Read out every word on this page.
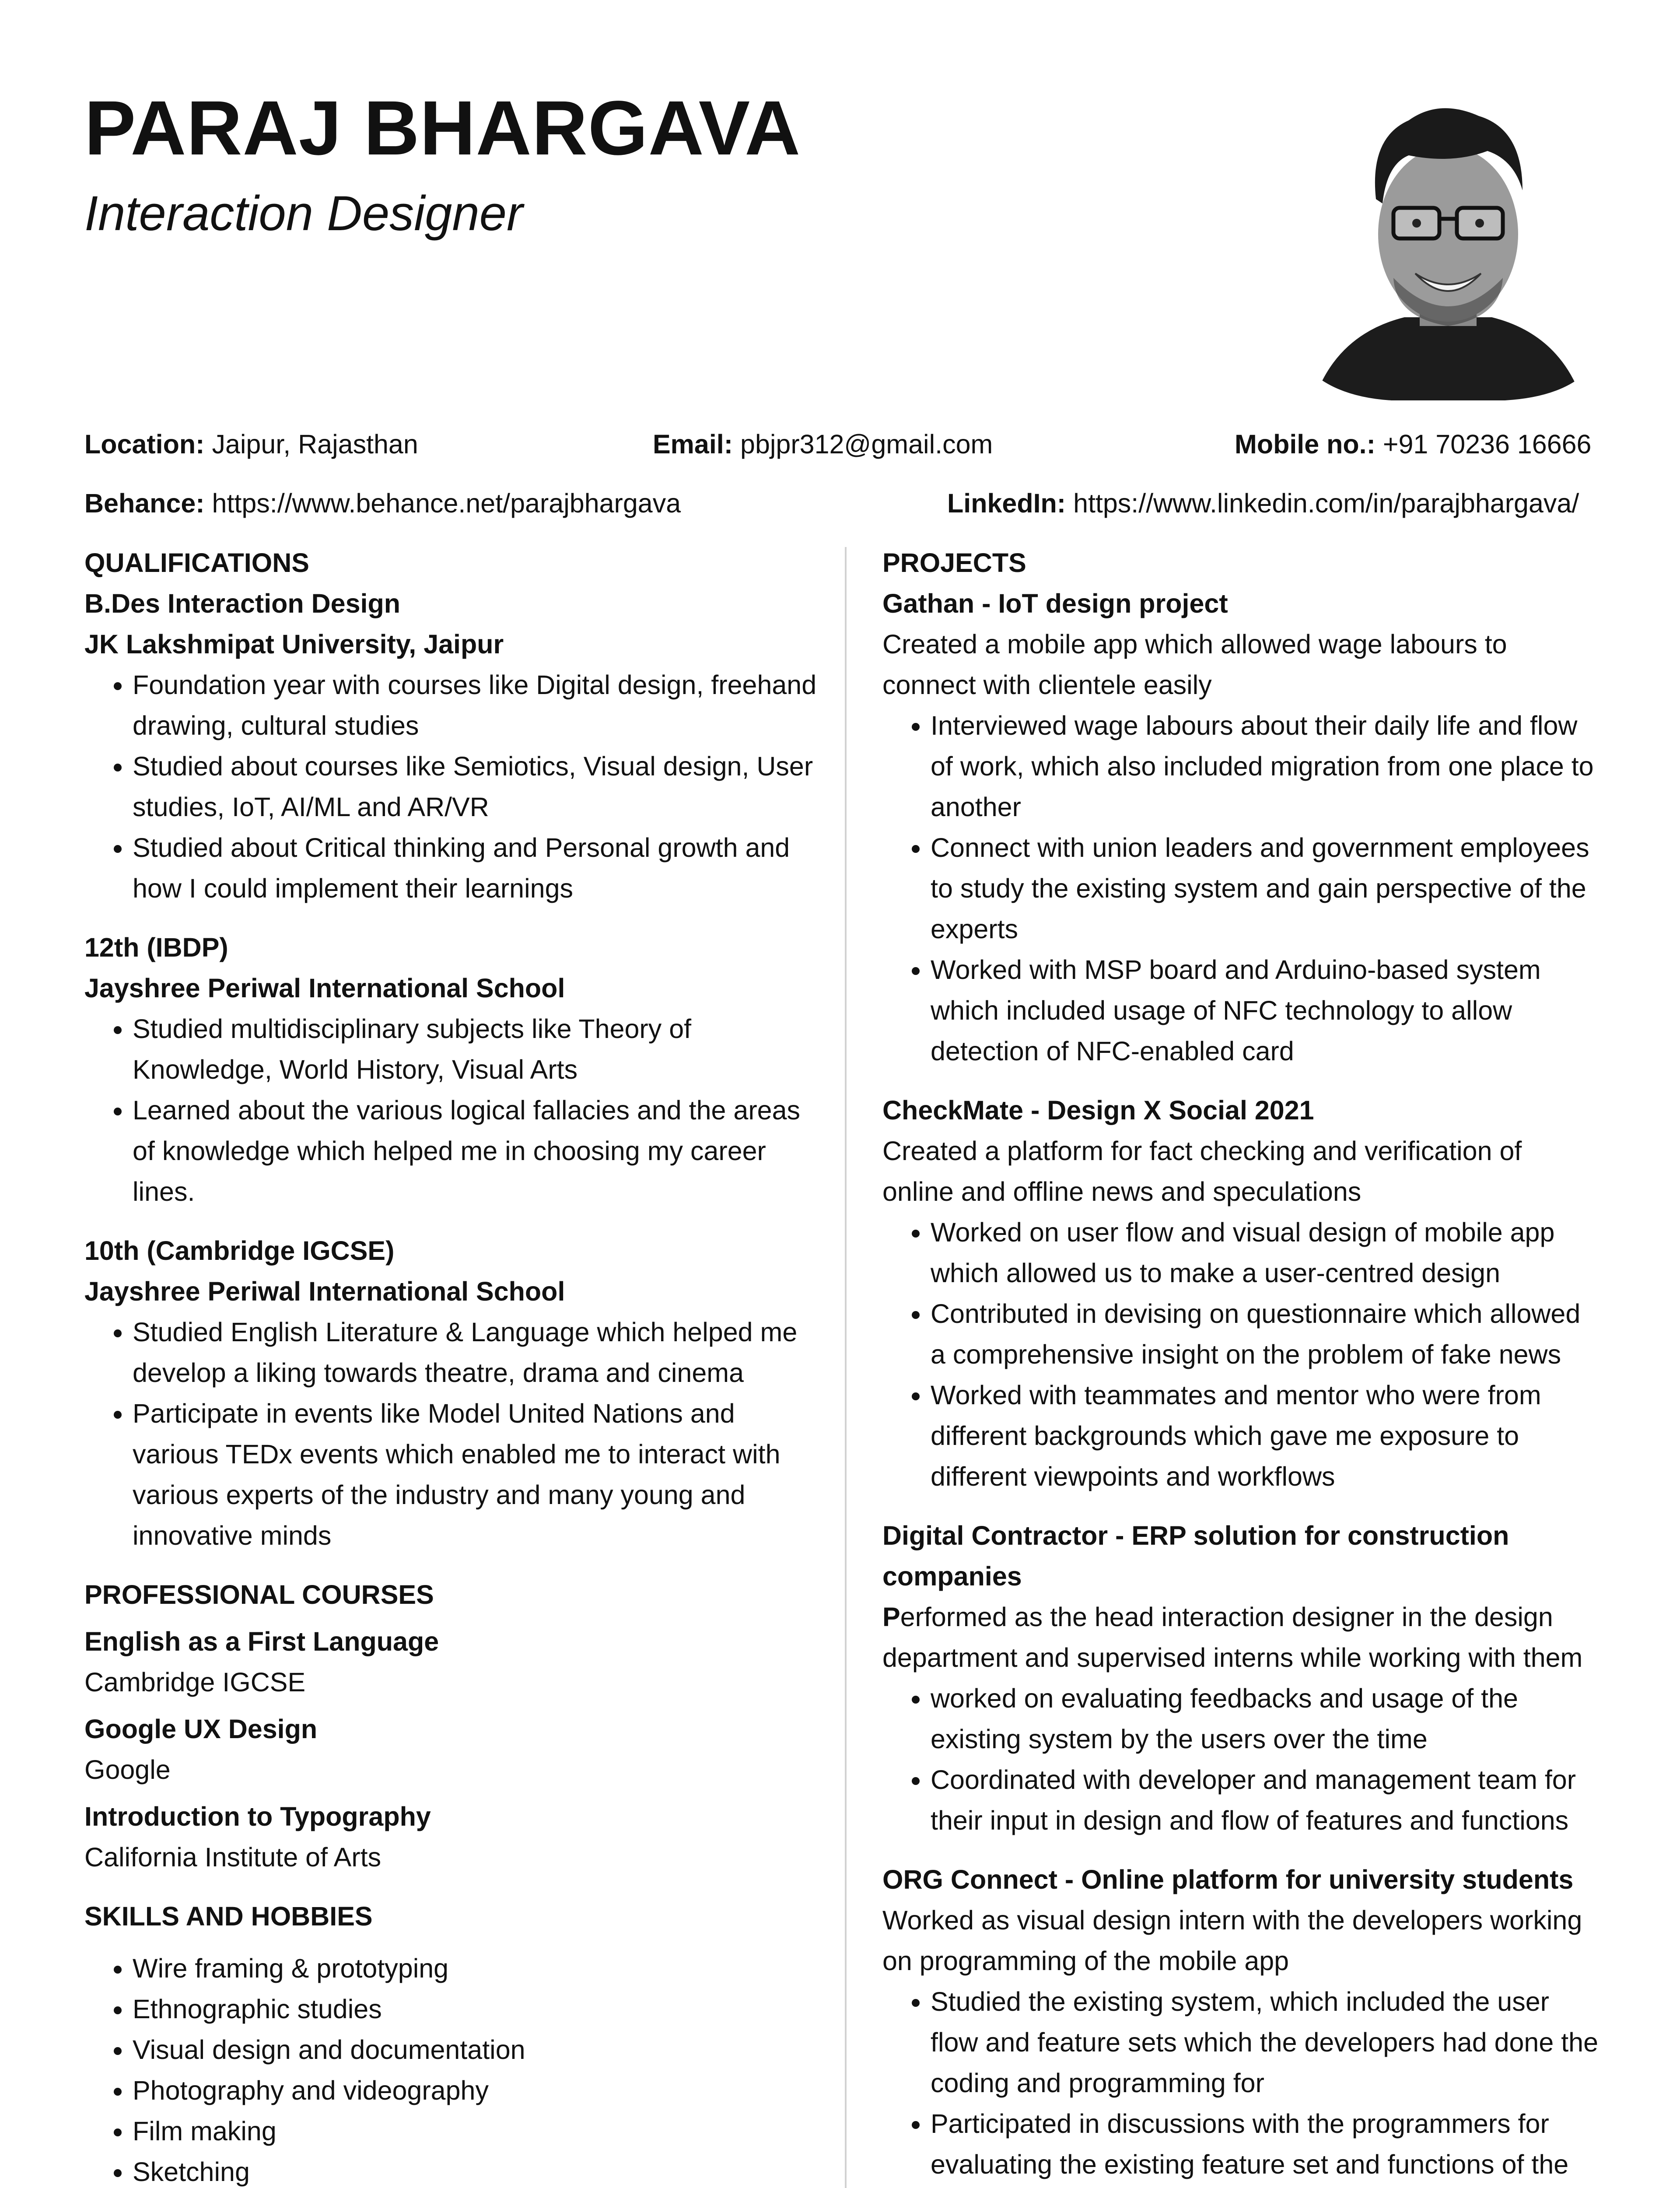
PARAJ BHARGAVA
Interaction Designer
Location: Jaipur, Rajasthan	Email: pbjpr312@gmail.com	Mobile no.: +91 70236 16666
Behance: https://www.behance.net/parajbhargava	LinkedIn: https://www.linkedin.com/in/parajbhargava/
QUALIFICATIONS
B.Des Interaction Design
JK Lakshmipat University, Jaipur
• Foundation year with courses like Digital design, freehand drawing, cultural studies
• Studied about courses like Semiotics, Visual design, User studies, IoT, AI/ML and AR/VR
• Studied about Critical thinking and Personal growth and how I could implement their learnings
12th (IBDP)
Jayshree Periwal International School
• Studied multidisciplinary subjects like Theory of Knowledge, World History, Visual Arts
• Learned about the various logical fallacies and the areas of knowledge which helped me in choosing my career lines.
10th (Cambridge IGCSE)
Jayshree Periwal International School
• Studied English Literature & Language which helped me develop a liking towards theatre, drama and cinema
• Participate in events like Model United Nations and various TEDx events which enabled me to interact with various experts of the industry and many young and innovative minds
PROFESSIONAL COURSES
English as a First Language
Cambridge IGCSE
Google UX Design
Google
Introduction to Typography
California Institute of Arts
SKILLS AND HOBBIES
• Wire framing & prototyping
• Ethnographic studies
• Visual design and documentation
• Photography and videography
• Film making
• Sketching
PROJECTS
Gathan - IoT design project

Created a mobile app which allowed wage labours to connect with clientele easily

• Interviewed wage labours about their daily life and flow of work, which also included migration from one place to another
• Connect with union leaders and government employees to study the existing system and gain perspective of the experts
• Worked with MSP board and Arduino-based system which included usage of NFC technology to allow detection of NFC-enabled card
CheckMate - Design X Social 2021

Created a platform for fact checking and verification of online and offline news and speculations

• Worked on user flow and visual design of mobile app which allowed us to make a user-centred design
• Contributed in devising on questionnaire which allowed a comprehensive insight on the problem of fake news
• Worked with teammates and mentor who were from different backgrounds which gave me exposure to different viewpoints and workflows
Digital Contractor - ERP solution for construction companies

Performed as the head interaction designer in the design department and supervised interns while working with them

• worked on evaluating feedbacks and usage of the existing system by the users over the time
• Coordinated with developer and management team for their input in design and flow of features and functions
ORG Connect - Online platform for university students

Worked as visual design intern with the developers working on programming of the mobile app

• Studied the existing system, which included the user flow and feature sets which the developers had done the coding and programming for
• Participated in discussions with the programmers for evaluating the existing feature set and functions of the
